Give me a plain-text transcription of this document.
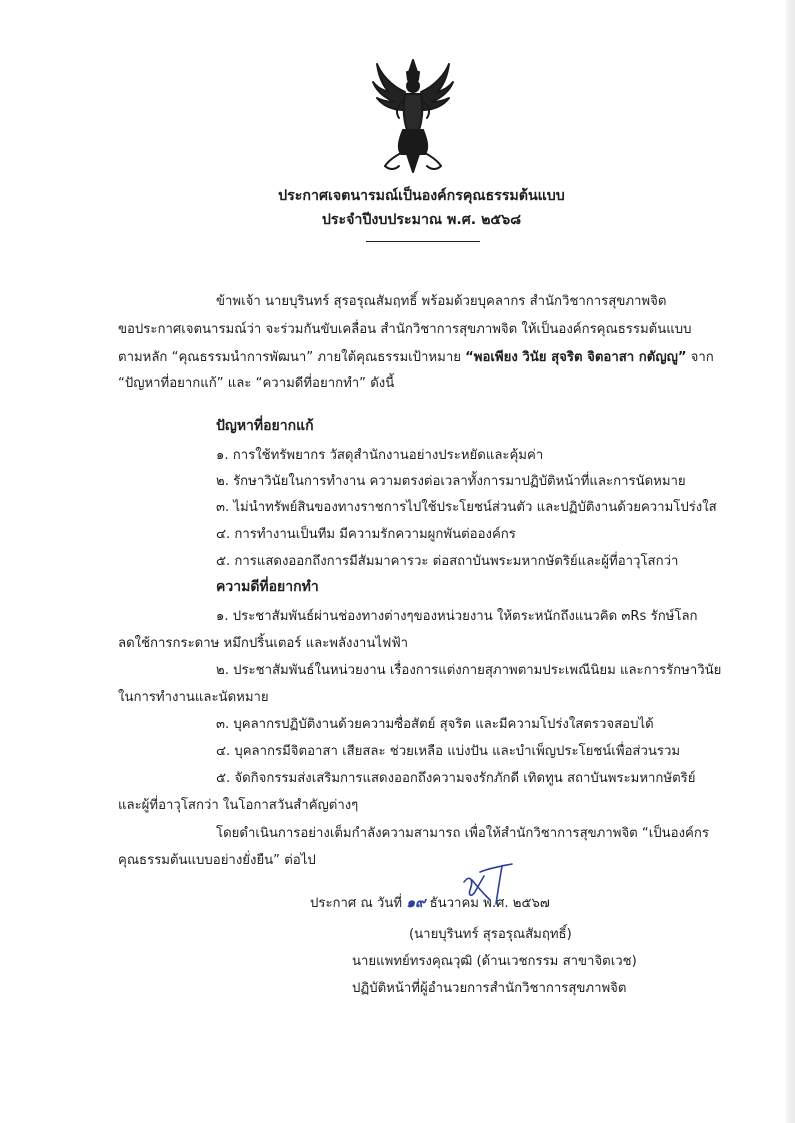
ประกาศเจตนารมณ์เป็นองค์กรคุณธรรมต้นแบบ
ประจำปีงบประมาณ พ.ศ. ๒๕๖๘
ข้าพเจ้า นายบุรินทร์ สุรอรุณสัมฤทธิ์ พร้อมด้วยบุคลากร สำนักวิชาการสุขภาพจิต
ขอประกาศเจตนารมณ์ว่า จะร่วมกันขับเคลื่อน สำนักวิชาการสุขภาพจิต ให้เป็นองค์กรคุณธรรมต้นแบบ
ตามหลัก “คุณธรรมนำการพัฒนา” ภายใต้คุณธรรมเป้าหมาย “พอเพียง วินัย สุจริต จิตอาสา กตัญญู” จาก
“ปัญหาที่อยากแก้” และ “ความดีที่อยากทำ” ดังนี้
ปัญหาที่อยากแก้
๑. การใช้ทรัพยากร วัสดุสำนักงานอย่างประหยัดและคุ้มค่า
๒. รักษาวินัยในการทำงาน ความตรงต่อเวลาทั้งการมาปฏิบัติหน้าที่และการนัดหมาย
๓. ไม่นำทรัพย์สินของทางราชการไปใช้ประโยชน์ส่วนตัว และปฏิบัติงานด้วยความโปร่งใส
๔. การทำงานเป็นทีม มีความรักความผูกพันต่อองค์กร
๕. การแสดงออกถึงการมีสัมมาคารวะ ต่อสถาบันพระมหากษัตริย์และผู้ที่อาวุโสกว่า
ความดีที่อยากทำ
๑. ประชาสัมพันธ์ผ่านช่องทางต่างๆของหน่วยงาน ให้ตระหนักถึงแนวคิด ๓Rs รักษ์โลก
ลดใช้การกระดาษ หมึกปริ้นเตอร์ และพลังงานไฟฟ้า
๒. ประชาสัมพันธ์ในหน่วยงาน เรื่องการแต่งกายสุภาพตามประเพณีนิยม และการรักษาวินัย
ในการทำงานและนัดหมาย
๓. บุคลากรปฏิบัติงานด้วยความซื่อสัตย์ สุจริต และมีความโปร่งใสตรวจสอบได้
๔. บุคลากรมีจิตอาสา เสียสละ ช่วยเหลือ แบ่งปัน และบำเพ็ญประโยชน์เพื่อส่วนรวม
๕. จัดกิจกรรมส่งเสริมการแสดงออกถึงความจงรักภักดี เทิดทูน สถาบันพระมหากษัตริย์
และผู้ที่อาวุโสกว่า ในโอกาสวันสำคัญต่างๆ
โดยดำเนินการอย่างเต็มกำลังความสามารถ เพื่อให้สำนักวิชาการสุขภาพจิต “เป็นองค์กร
คุณธรรมต้นแบบอย่างยั่งยืน” ต่อไป
ประกาศ ณ วันที่ ๑๙ ธันวาคม พ.ศ. ๒๕๖๗
(นายบุรินทร์ สุรอรุณสัมฤทธิ์)
นายแพทย์ทรงคุณวุฒิ (ด้านเวชกรรม สาขาจิตเวช)
ปฏิบัติหน้าที่ผู้อำนวยการสำนักวิชาการสุขภาพจิต
